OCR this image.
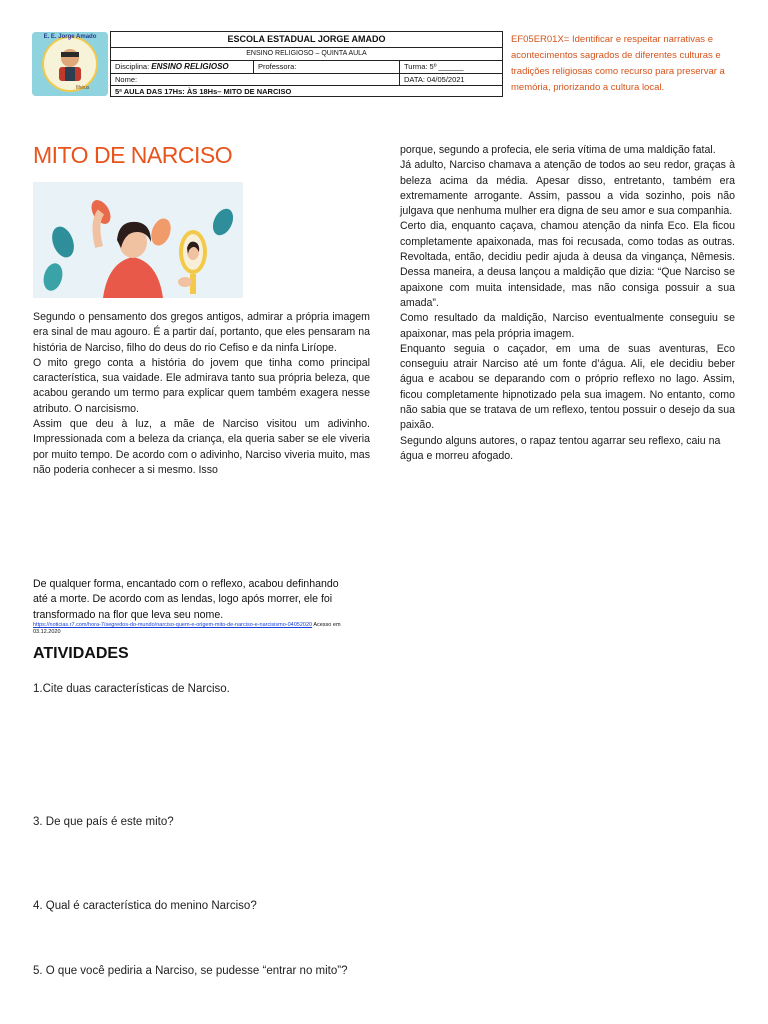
E. E. Jorge Amado
Ilhéus
ESCOLA ESTADUAL JORGE AMADO
ENSINO RELIGIOSO – QUINTA AULA
Disciplina: ENSINO RELIGIOSO	Professora:	Turma: 5º ______
Nome:	DATA: 04/05/2021
5ª AULA DAS 17Hs: ÀS 18Hs– MITO DE NARCISO
EF05ER01X= Identificar e respeitar narrativas e acontecimentos sagrados de diferentes culturas e tradições religiosas como recurso para preservar a memória, priorizando a cultura local.
MITO DE NARCISO

Segundo o pensamento dos gregos antigos, admirar a própria imagem era sinal de mau agouro. É a partir daí, portanto, que eles pensaram na história de Narciso, filho do deus do rio Cefiso e da ninfa Liríope.

O mito grego conta a história do jovem que tinha como principal característica, sua vaidade. Ele admirava tanto sua própria beleza, que acabou gerando um termo para explicar quem também exagera nesse atributo. O narcisismo.

Assim que deu à luz, a mãe de Narciso visitou um adivinho. Impressionada com a beleza da criança, ela queria saber se ele viveria por muito tempo. De acordo com o adivinho, Narciso viveria muito, mas não poderia conhecer a si mesmo. Isso

porque, segundo a profecia, ele seria vítima de uma maldição fatal.

Já adulto, Narciso chamava a atenção de todos ao seu redor, graças à beleza acima da média. Apesar disso, entretanto, também era extremamente arrogante. Assim, passou a vida sozinho, pois não julgava que nenhuma mulher era digna de seu amor e sua companhia.

Certo dia, enquanto caçava, chamou atenção da ninfa Eco. Ela ficou completamente apaixonada, mas foi recusada, como todas as outras. Revoltada, então, decidiu pedir ajuda à deusa da vingança, Nêmesis. Dessa maneira, a deusa lançou a maldição que dizia: “Que Narciso se apaixone com muita intensidade, mas não consiga possuir a sua amada”.

Como resultado da maldição, Narciso eventualmente conseguiu se apaixonar, mas pela própria imagem.

Enquanto seguia o caçador, em uma de suas aventuras, Eco conseguiu atrair Narciso até um fonte d’água. Ali, ele decidiu beber água e acabou se deparando com o próprio reflexo no lago. Assim, ficou completamente hipnotizado pela sua imagem. No entanto, como não sabia que se tratava de um reflexo, tentou possuir o desejo da sua paixão.

Segundo alguns autores, o rapaz tentou agarrar seu reflexo, caiu na água e morreu afogado.

De qualquer forma, encantado com o reflexo, acabou definhando até a morte. De acordo com as lendas, logo após morrer, ele foi transformado na flor que leva seu nome.
https://noticias.r7.com/hora-7/segredos-do-mundo/narciso-quem-e-origem-mito-de-narciso-e-narcisismo-04052020 Acesso em 03.12.2020
ATIVIDADES
1.Cite duas características de Narciso.
3. De que país é este mito?
4. Qual é característica do menino Narciso?
5. O que você pediria a Narciso, se pudesse “entrar no mito”?
